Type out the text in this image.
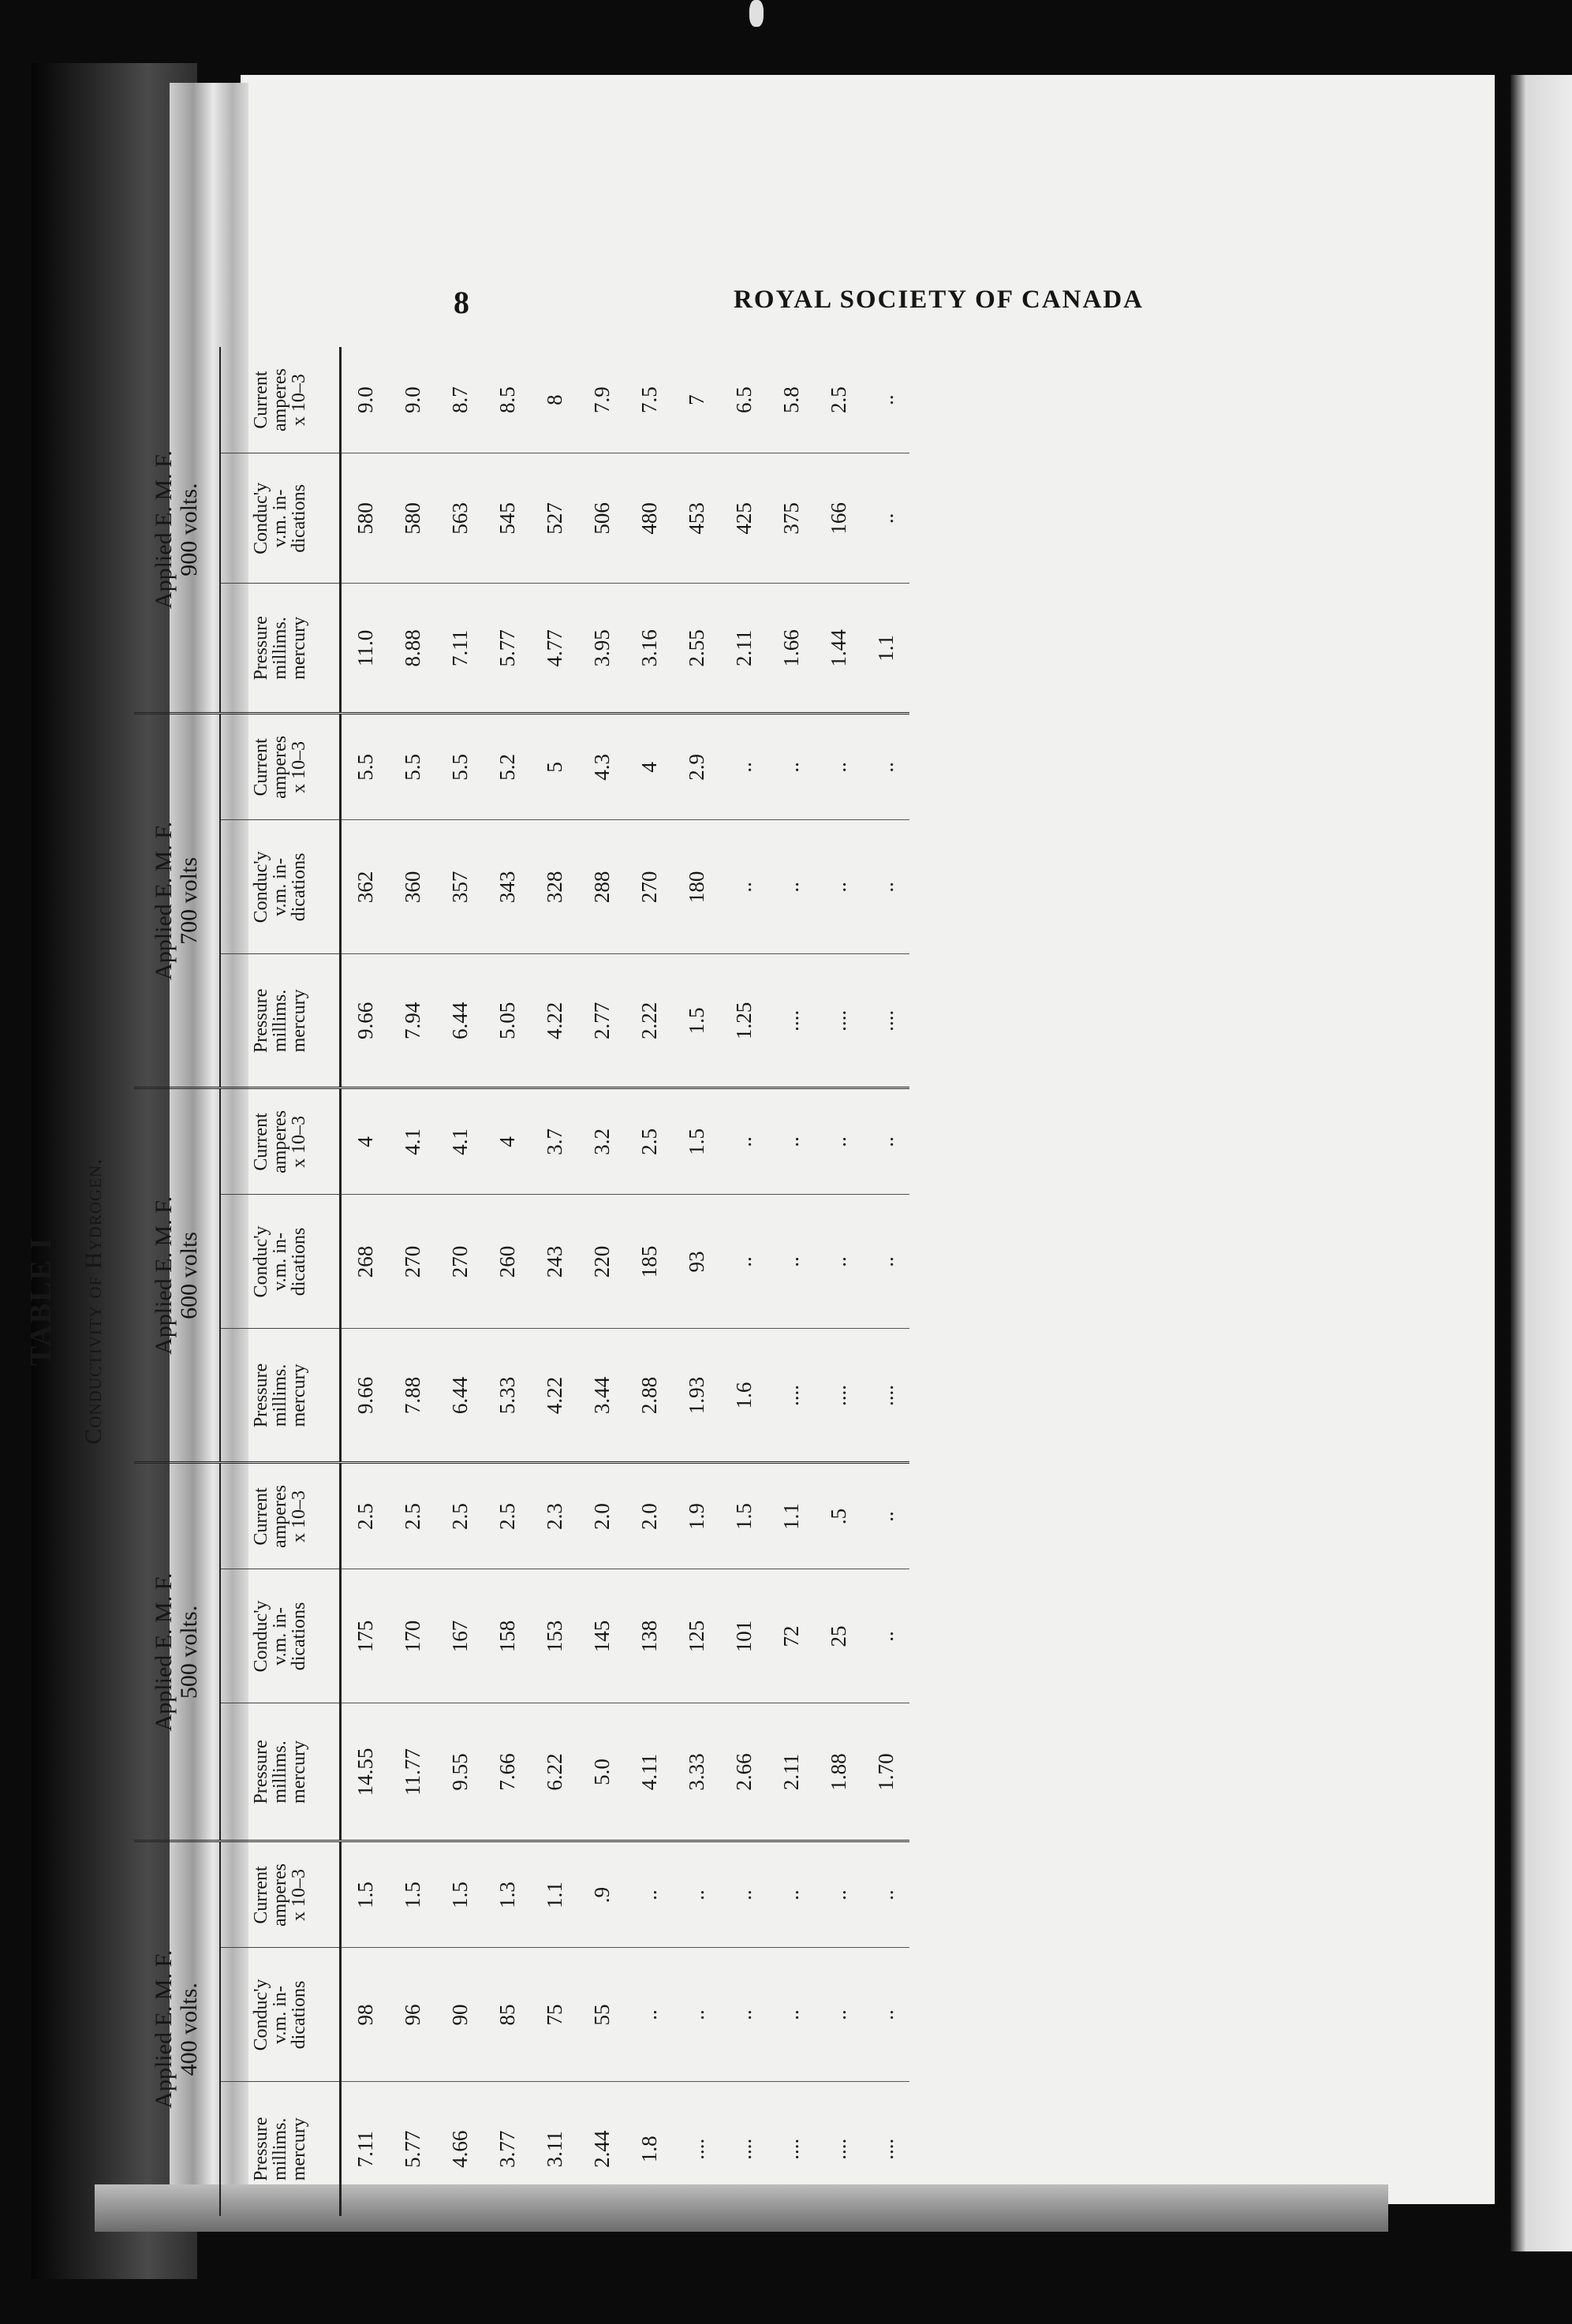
8	ROYAL SOCIETY OF CANADA
TABLE I Conductivity of Hydrogen.
Applied E. M. F.
400 volts.			Applied E. M. F.
500 volts.			Applied E. M. F.
600 volts			Applied E. M. F.
700 volts			Applied E. M. F.
900 volts.		
Pressure
millims.
mercury	Conduc'y
v.m. in-
dications	Current
amperes
x 10–3	Pressure
millims.
mercury	Conduc'y
v.m. in-
dications	Current
amperes
x 10–3	Pressure
millims.
mercury	Conduc'y
v.m. in-
dications	Current
amperes
x 10–3	Pressure
millims.
mercury	Conduc'y
v.m. in-
dications	Current
amperes
x 10–3	Pressure
millims.
mercury	Conduc'y
v.m. in-
dications	Current
amperes
x 10–3
7.11	98	1.5	14.55	175	2.5	9.66	268	4	9.66	362	5.5	11.0	580	9.0
5.77	96	1.5	11.77	170	2.5	7.88	270	4.1	7.94	360	5.5	8.88	580	9.0
4.66	90	1.5	9.55	167	2.5	6.44	270	4.1	6.44	357	5.5	7.11	563	8.7
3.77	85	1.3	7.66	158	2.5	5.33	260	4	5.05	343	5.2	5.77	545	8.5
3.11	75	1.1	6.22	153	2.3	4.22	243	3.7	4.22	328	5	4.77	527	8
2.44	55	.9	5.0	145	2.0	3.44	220	3.2	2.77	288	4.3	3.95	506	7.9
1.8	..	..	4.11	138	2.0	2.88	185	2.5	2.22	270	4	3.16	480	7.5
....	..	..	3.33	125	1.9	1.93	93	1.5	1.5	180	2.9	2.55	453	7
....	..	..	2.66	101	1.5	1.6	..	..	1.25	..	..	2.11	425	6.5
....	..	..	2.11	72	1.1	....	..	..	....	..	..	1.66	375	5.8
....	..	..	1.88	25	.5	....	..	..	....	..	..	1.44	166	2.5
....	..	..	1.70	..	..	....	..	..	....	..	..	1.1	..	..
